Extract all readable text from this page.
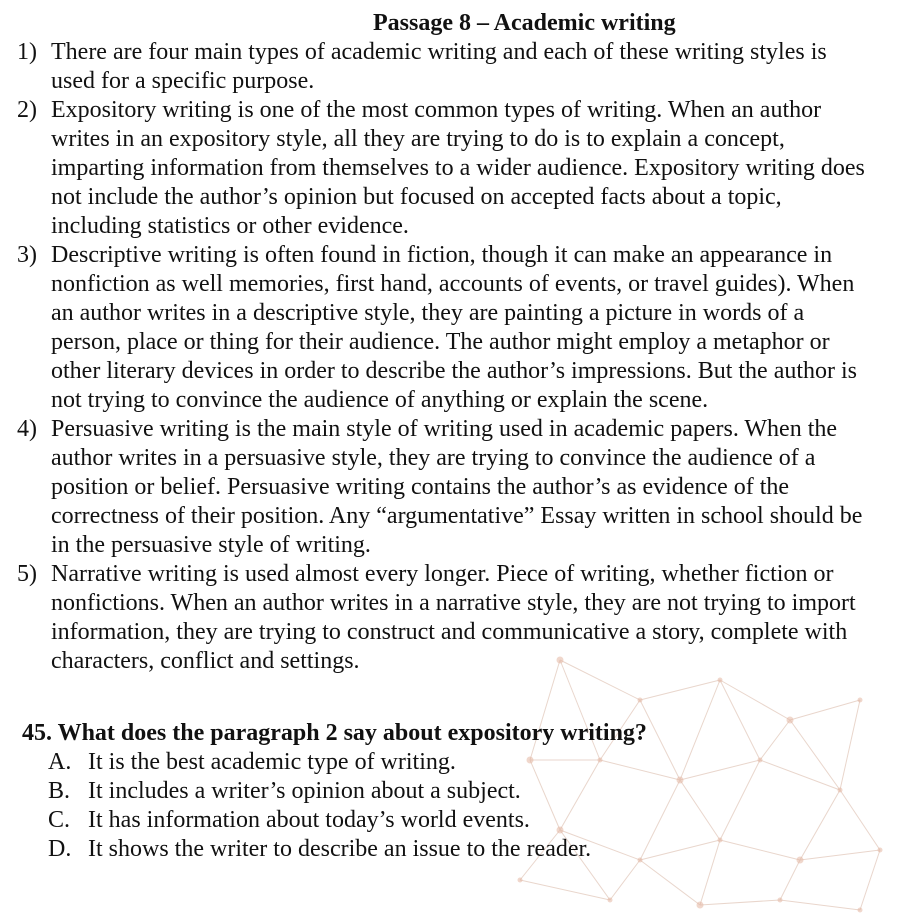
Passage 8 – Academic writing
1) There are four main types of academic writing and each of these writing styles is used for a specific purpose.
2) Expository writing is one of the most common types of writing. When an author writes in an expository style, all they are trying to do is to explain a concept, imparting information from themselves to a wider audience. Expository writing does not include the author’s opinion but focused on accepted facts about a topic, including statistics or other evidence.
3) Descriptive writing is often found in fiction, though it can make an appearance in nonfiction as well memories, first hand, accounts of events, or travel guides). When an author writes in a descriptive style, they are painting a picture in words of a person, place or thing for their audience. The author might employ a metaphor or other literary devices in order to describe the author’s impressions. But the author is not trying to convince the audience of anything or explain the scene.
4) Persuasive writing is the main style of writing used in academic papers. When the author writes in a persuasive style, they are trying to convince the audience of a position or belief. Persuasive writing contains the author’s as evidence of the correctness of their position. Any “argumentative” Essay written in school should be in the persuasive style of writing.
5) Narrative writing is used almost every longer. Piece of writing, whether fiction or nonfictions. When an author writes in a narrative style, they are not trying to import information, they are trying to construct and communicative a story, complete with characters, conflict and settings.
45. What does the paragraph 2 say about expository writing?
A. It is the best academic type of writing.
B. It includes a writer’s opinion about a subject.
C. It has information about today’s world events.
D. It shows the writer to describe an issue to the reader.
